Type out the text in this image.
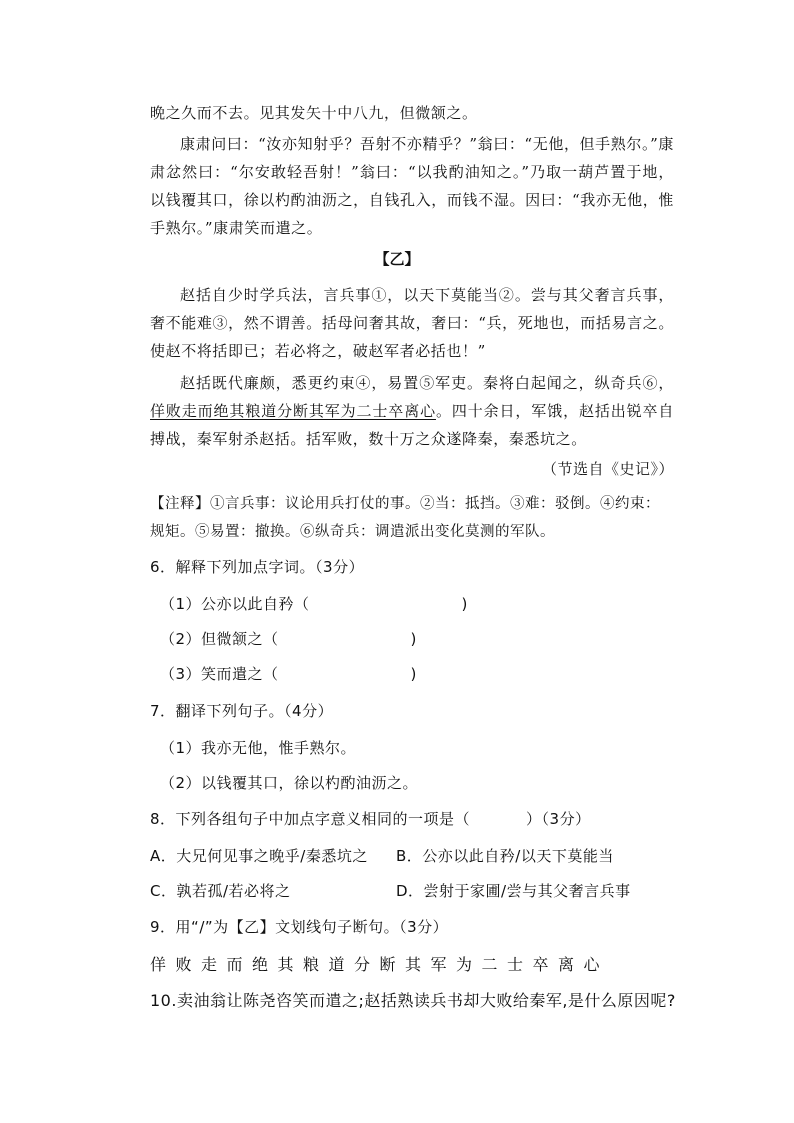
晩之久而不去。见其发矢十中八九，但微颔之。
康肃问曰：“汝亦知射乎？吾射不亦精乎？”翁曰：“无他，但手熟尔。”康肃忿然曰：“尔安敢轻吾射！”翁曰：“以我酌油知之。”乃取一葫芦置于地，以钱覆其口，徐以杓酌油沥之，自钱孔入，而钱不湿。因曰：“我亦无他，惟手熟尔。”康肃笑而遣之。
【乙】
赵括自少时学兵法，言兵事①，以天下莫能当②。尝与其父奢言兵事，奢不能难③，然不谓善。括母问奢其故，奢曰：“兵，死地也，而括易言之。使赵不将括即已；若必将之，破赵军者必括也！”
赵括既代廉颇，悉更约束④，易置⑤军吏。秦将白起闻之，纵奇兵⑥，佯败走而绝其粮道分断其军为二士卒离心。四十余日，军饿，赵括出锐卒自搏战，秦军射杀赵括。括军败，数十万之众遂降秦，秦悉坑之。
（节选自《史记》）
【注释】①言兵事：议论用兵打仗的事。②当：抵挡。③难：驳倒。④约束：规矩。⑤易置：撤换。⑥纵奇兵：调遣派出变化莫测的军队。
6．解释下列加点字词。（3分）
（1）公亦以此自矜（	)
（2）但微颔之（	)
（3）笑而遣之（	)
7．翻译下列句子。（4分）
（1）我亦无他，惟手熟尔。
（2）以钱覆其口，徐以杓酌油沥之。
8．下列各组句子中加点字意义相同的一项是（	）（3分）
A．大兄何见事之晚乎/秦悉坑之 B．公亦以此自矜/以天下莫能当
C．孰若孤/若必将之	D．尝射于家圃/尝与其父奢言兵事
9．用“/”为【乙】文划线句子断句。（3分）
佯败走而绝其粮道分断其军为二士卒离心
10.卖油翁让陈尧咨笑而遣之;赵括熟读兵书却大败给秦军,是什么原因呢?
